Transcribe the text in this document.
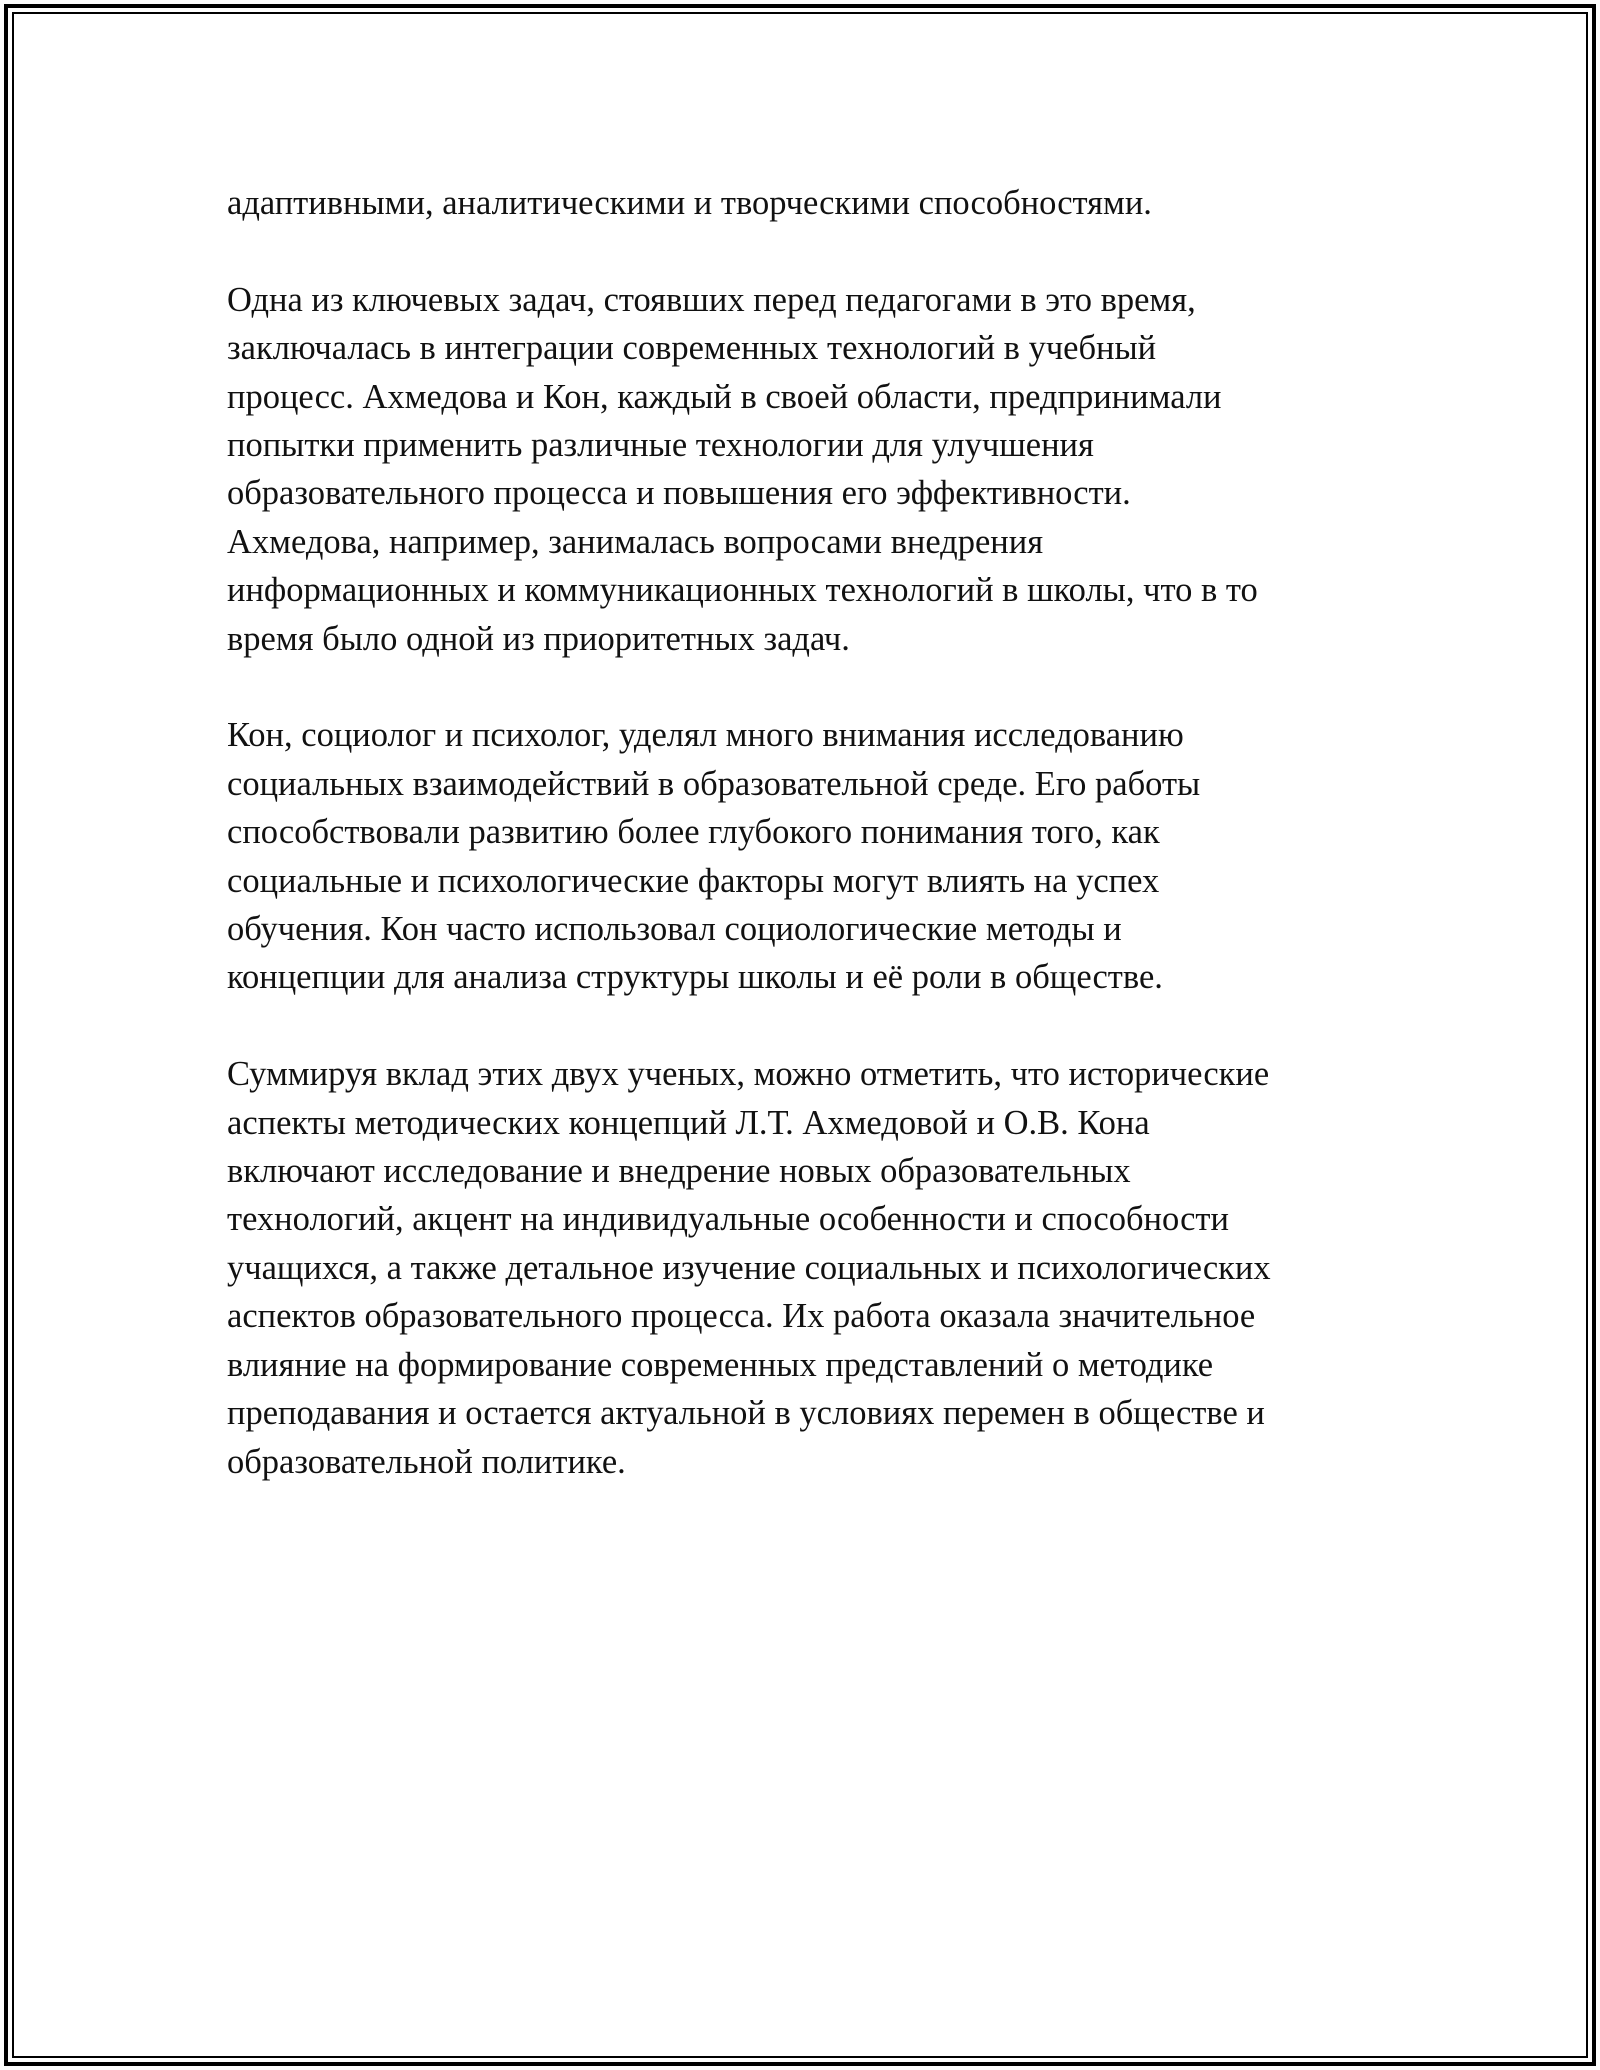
адаптивными, аналитическими и творческими способностями.
Одна из ключевых задач, стоявших перед педагогами в это время,
заключалась в интеграции современных технологий в учебный
процесс. Ахмедова и Кон, каждый в своей области, предпринимали
попытки применить различные технологии для улучшения
образовательного процесса и повышения его эффективности.
Ахмедова, например, занималась вопросами внедрения
информационных и коммуникационных технологий в школы, что в то
время было одной из приоритетных задач.
Кон, социолог и психолог, уделял много внимания исследованию
социальных взаимодействий в образовательной среде. Его работы
способствовали развитию более глубокого понимания того, как
социальные и психологические факторы могут влиять на успех
обучения. Кон часто использовал социологические методы и
концепции для анализа структуры школы и её роли в обществе.
Суммируя вклад этих двух ученых, можно отметить, что исторические
аспекты методических концепций Л.Т. Ахмедовой и О.В. Кона
включают исследование и внедрение новых образовательных
технологий, акцент на индивидуальные особенности и способности
учащихся, а также детальное изучение социальных и психологических
аспектов образовательного процесса. Их работа оказала значительное
влияние на формирование современных представлений о методике
преподавания и остается актуальной в условиях перемен в обществе и
образовательной политике.
